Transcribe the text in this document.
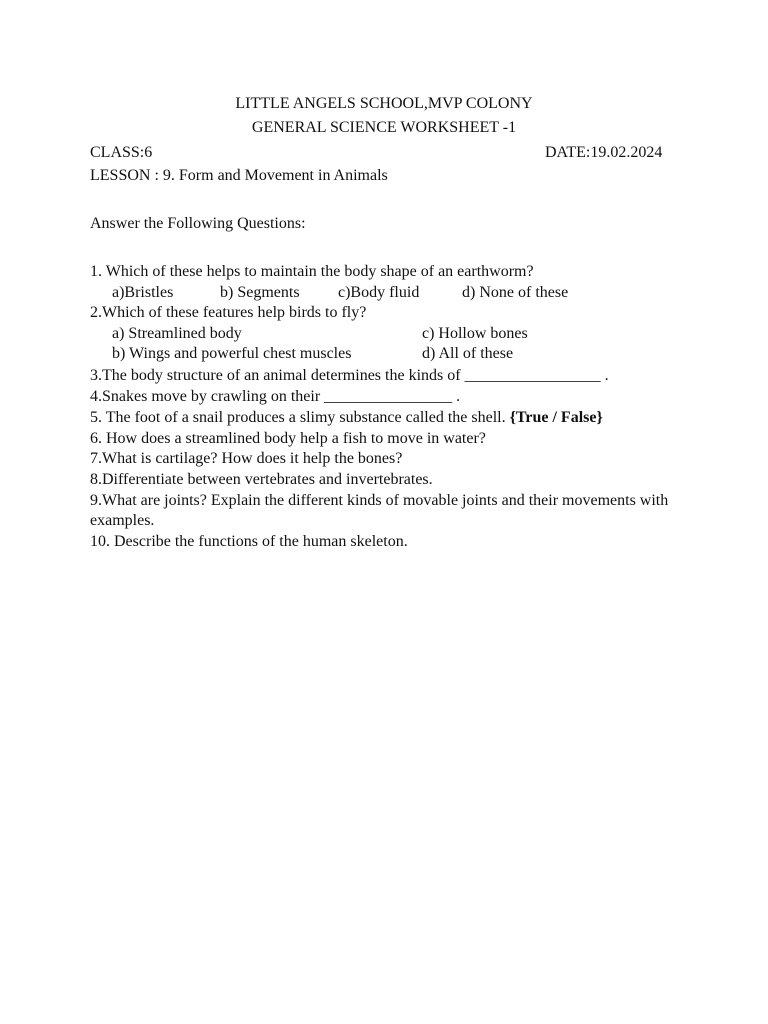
LITTLE ANGELS SCHOOL,MVP COLONY
GENERAL SCIENCE WORKSHEET -1
CLASS:6	DATE:19.02.2024
LESSON : 9. Form and Movement in Animals
Answer the Following Questions:
1. Which of these helps to maintain the body shape of an earthworm?
a)Bristles	b) Segments c)Body fluid	d) None of these
2.Which of these features help birds to fly?
a) Streamlined body	c) Hollow bones
b) Wings and powerful chest muscles	d) All of these
3.The body structure of an animal determines the kinds of _________________ .
4.Snakes move by crawling on their ________________ .
5. The foot of a snail produces a slimy substance called the shell. {True / False}
6. How does a streamlined body help a fish to move in water?
7.What is cartilage? How does it help the bones?
8.Differentiate between vertebrates and invertebrates.
9.What are joints? Explain the different kinds of movable joints and their movements with
examples.
10. Describe the functions of the human skeleton.
